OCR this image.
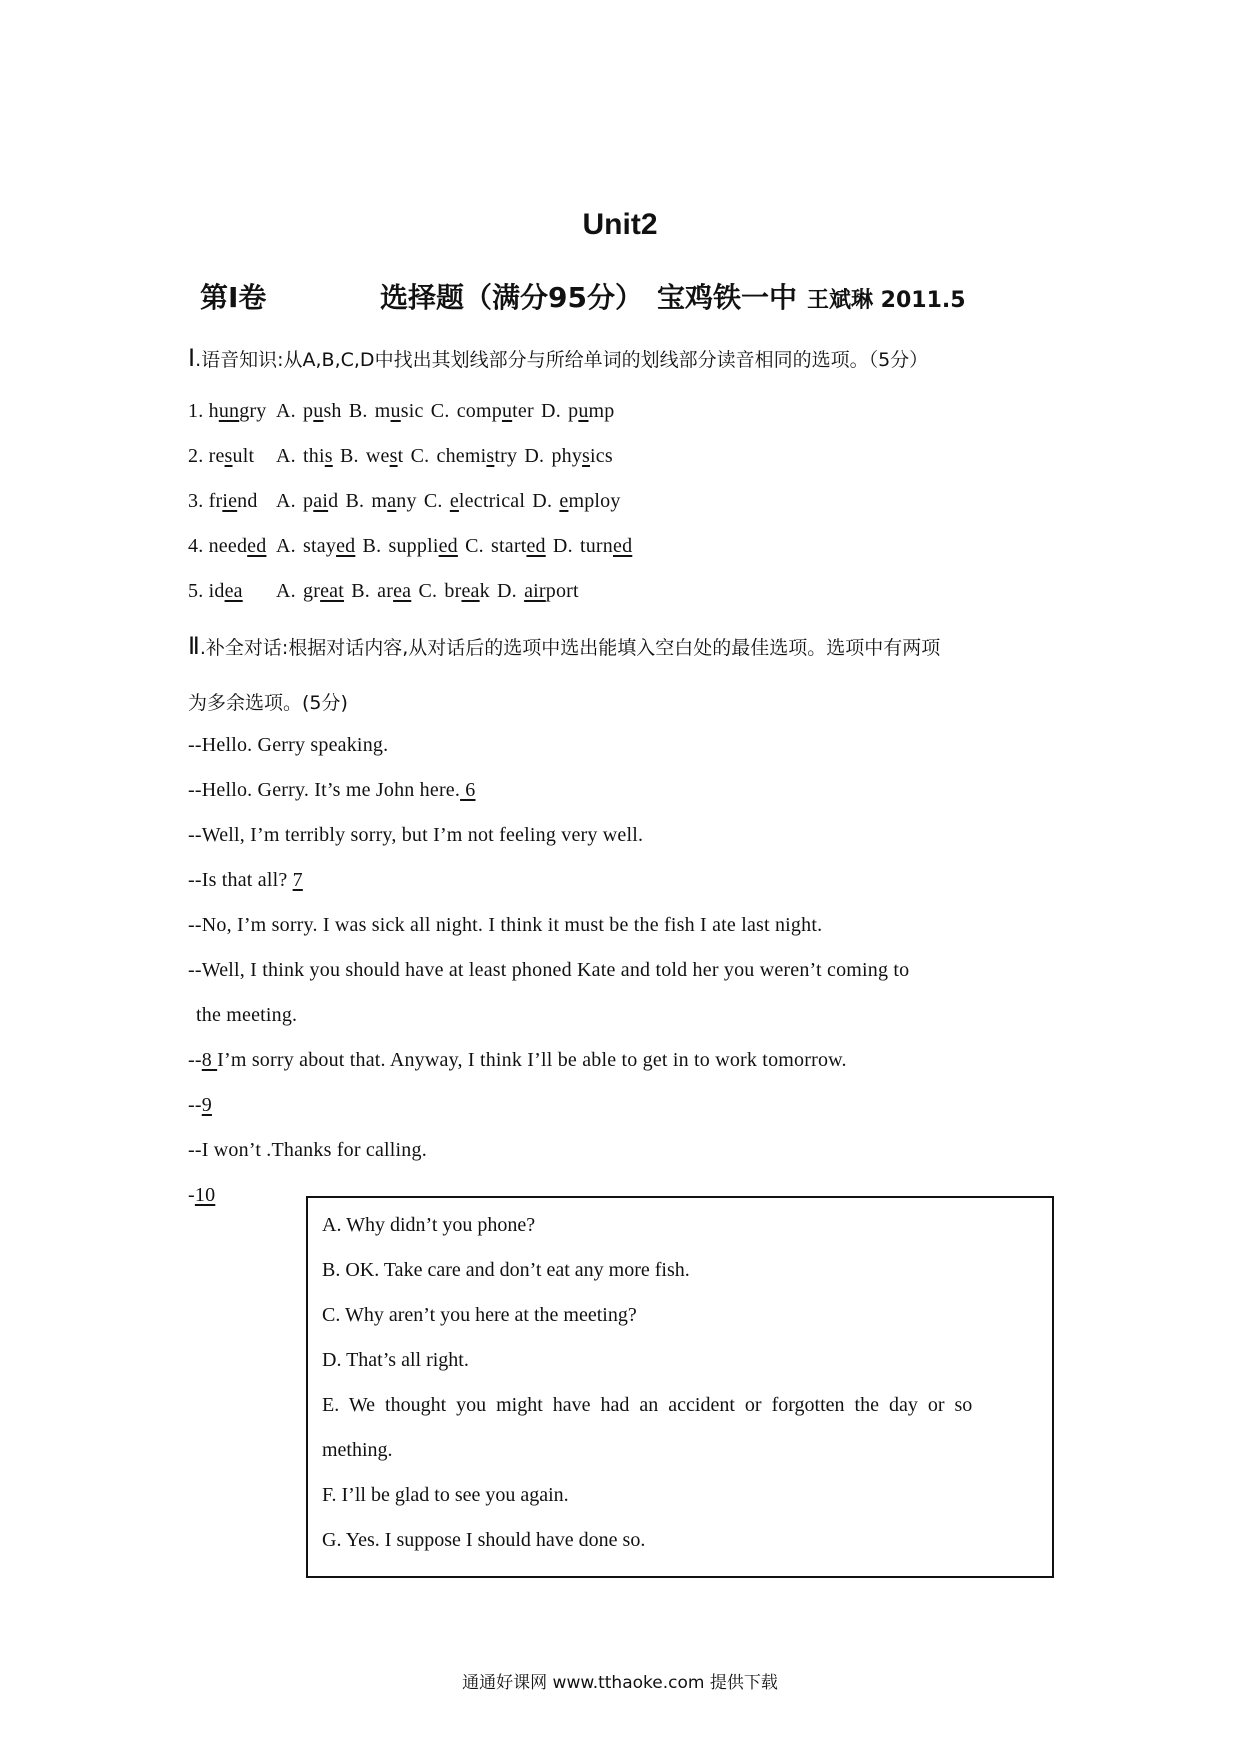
Unit2
第Ⅰ卷	选择题（满分95分） 宝鸡铁一中 王斌琳 2011.5
Ⅰ.语音知识:从A,B,C,D中找出其划线部分与所给单词的划线部分读音相同的选项。（5分）
1. hungry A. push B. music C. computer D. pump
2. result A. this B. west C. chemistry D. physics
3. friend A. paid B. many C. electrical D. employ
4. needed A. stayed B. supplied C. started D. turned
5. idea A. great B. area C. break D. airport
Ⅱ.补全对话:根据对话内容,从对话后的选项中选出能填入空白处的最佳选项。选项中有两项
为多余选项。(5分)
--Hello. Gerry speaking.
--Hello. Gerry. It’s me John here. 6
--Well, I’m terribly sorry, but I’m not feeling very well.
--Is that all? 7
--No, I’m sorry. I was sick all night. I think it must be the fish I ate last night.
--Well, I think you should have at least phoned Kate and told her you weren’t coming to
the meeting.
--8 I’m sorry about that. Anyway, I think I’ll be able to get in to work tomorrow.
--9
--I won’t .Thanks for calling.
-10
A. Why didn’t you phone?
B. OK. Take care and don’t eat any more fish.
C. Why aren’t you here at the meeting?
D. That’s all right.
E. We thought you might have had an accident or forgotten the day or so
mething.
F. I’ll be glad to see you again.
G. Yes. I suppose I should have done so.
通通好课网 www.tthaoke.com 提供下载
